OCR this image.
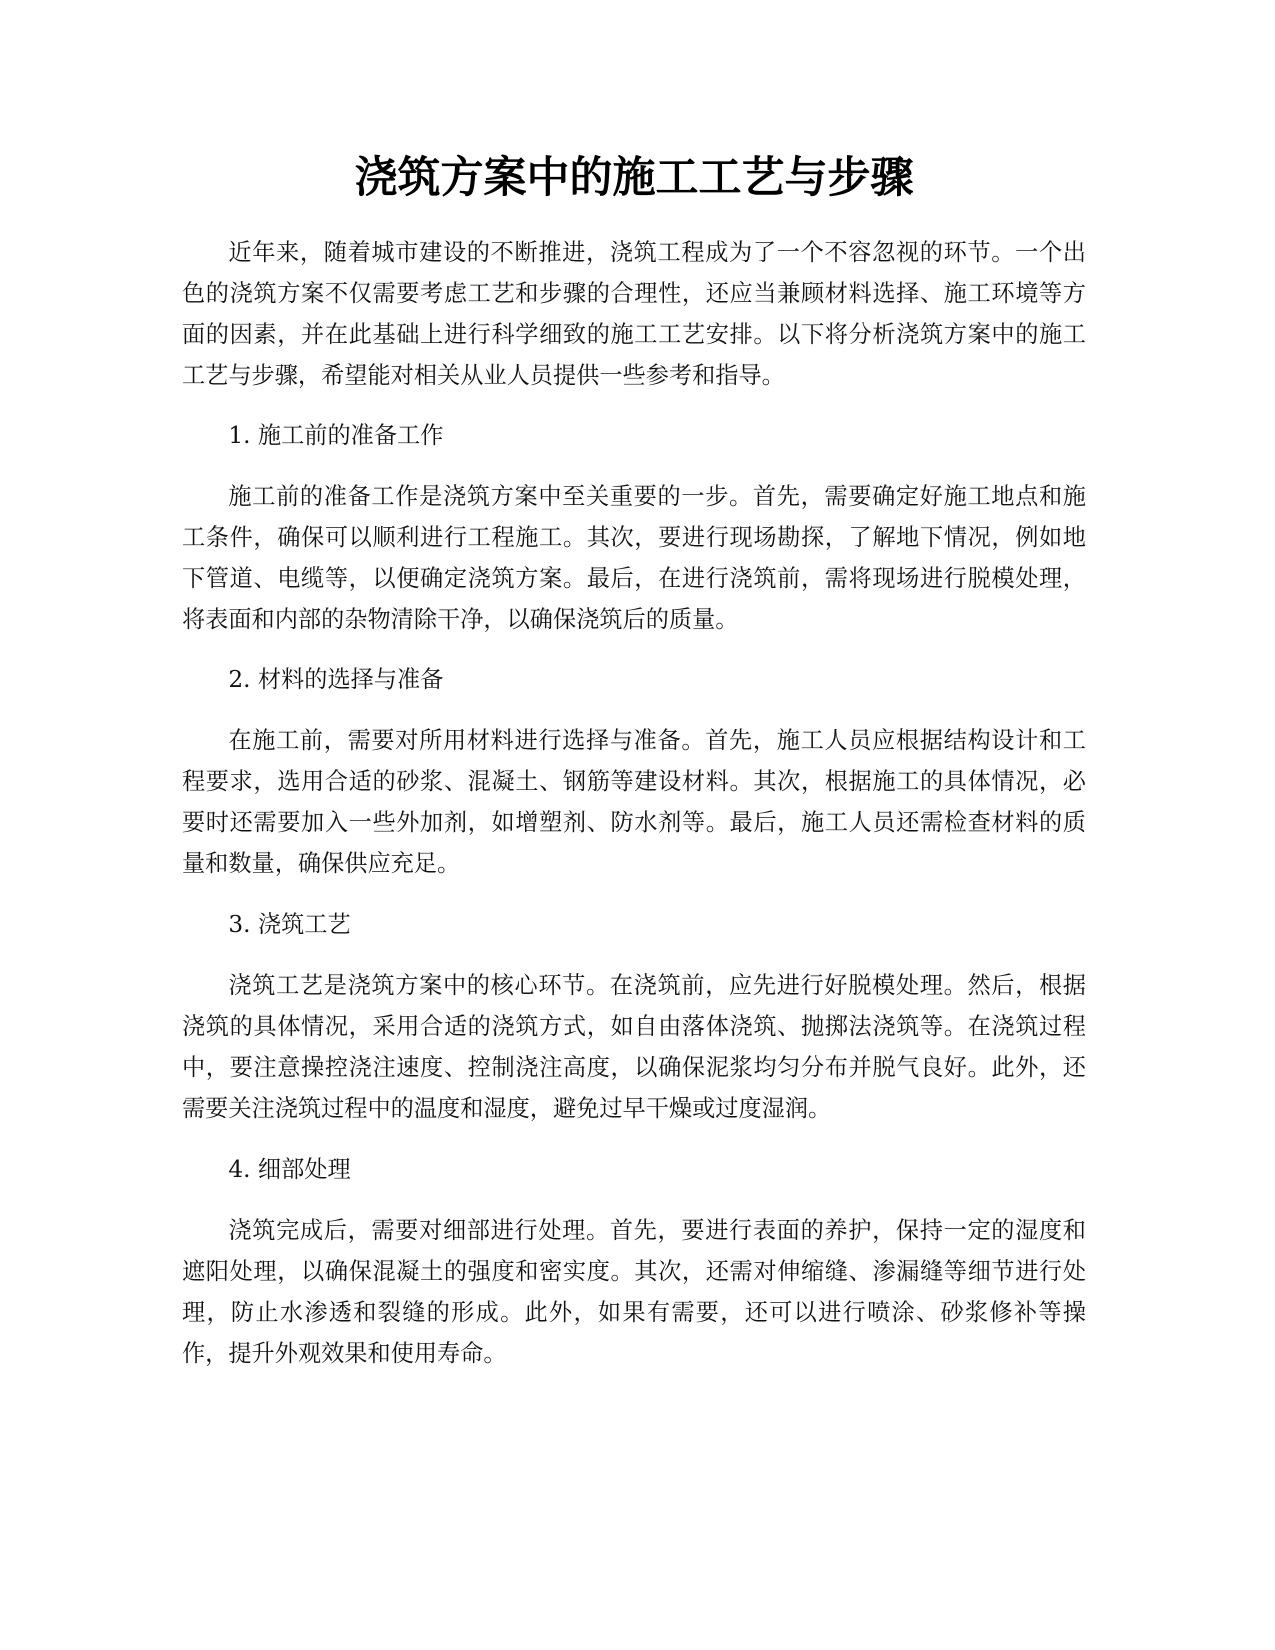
浇筑方案中的施工工艺与步骤

近年来，随着城市建设的不断推进，浇筑工程成为了一个不容忽视的环节。一个出色的浇筑方案不仅需要考虑工艺和步骤的合理性，还应当兼顾材料选择、施工环境等方面的因素，并在此基础上进行科学细致的施工工艺安排。以下将分析浇筑方案中的施工工艺与步骤，希望能对相关从业人员提供一些参考和指导。

1. 施工前的准备工作

施工前的准备工作是浇筑方案中至关重要的一步。首先，需要确定好施工地点和施工条件，确保可以顺利进行工程施工。其次，要进行现场勘探，了解地下情况，例如地下管道、电缆等，以便确定浇筑方案。最后，在进行浇筑前，需将现场进行脱模处理，将表面和内部的杂物清除干净，以确保浇筑后的质量。

2. 材料的选择与准备

在施工前，需要对所用材料进行选择与准备。首先，施工人员应根据结构设计和工程要求，选用合适的砂浆、混凝土、钢筋等建设材料。其次，根据施工的具体情况，必要时还需要加入一些外加剂，如增塑剂、防水剂等。最后，施工人员还需检查材料的质量和数量，确保供应充足。

3. 浇筑工艺

浇筑工艺是浇筑方案中的核心环节。在浇筑前，应先进行好脱模处理。然后，根据浇筑的具体情况，采用合适的浇筑方式，如自由落体浇筑、抛掷法浇筑等。在浇筑过程中，要注意操控浇注速度、控制浇注高度，以确保泥浆均匀分布并脱气良好。此外，还需要关注浇筑过程中的温度和湿度，避免过早干燥或过度湿润。

4. 细部处理

浇筑完成后，需要对细部进行处理。首先，要进行表面的养护，保持一定的湿度和遮阳处理，以确保混凝土的强度和密实度。其次，还需对伸缩缝、渗漏缝等细节进行处理，防止水渗透和裂缝的形成。此外，如果有需要，还可以进行喷涂、砂浆修补等操作，提升外观效果和使用寿命。
